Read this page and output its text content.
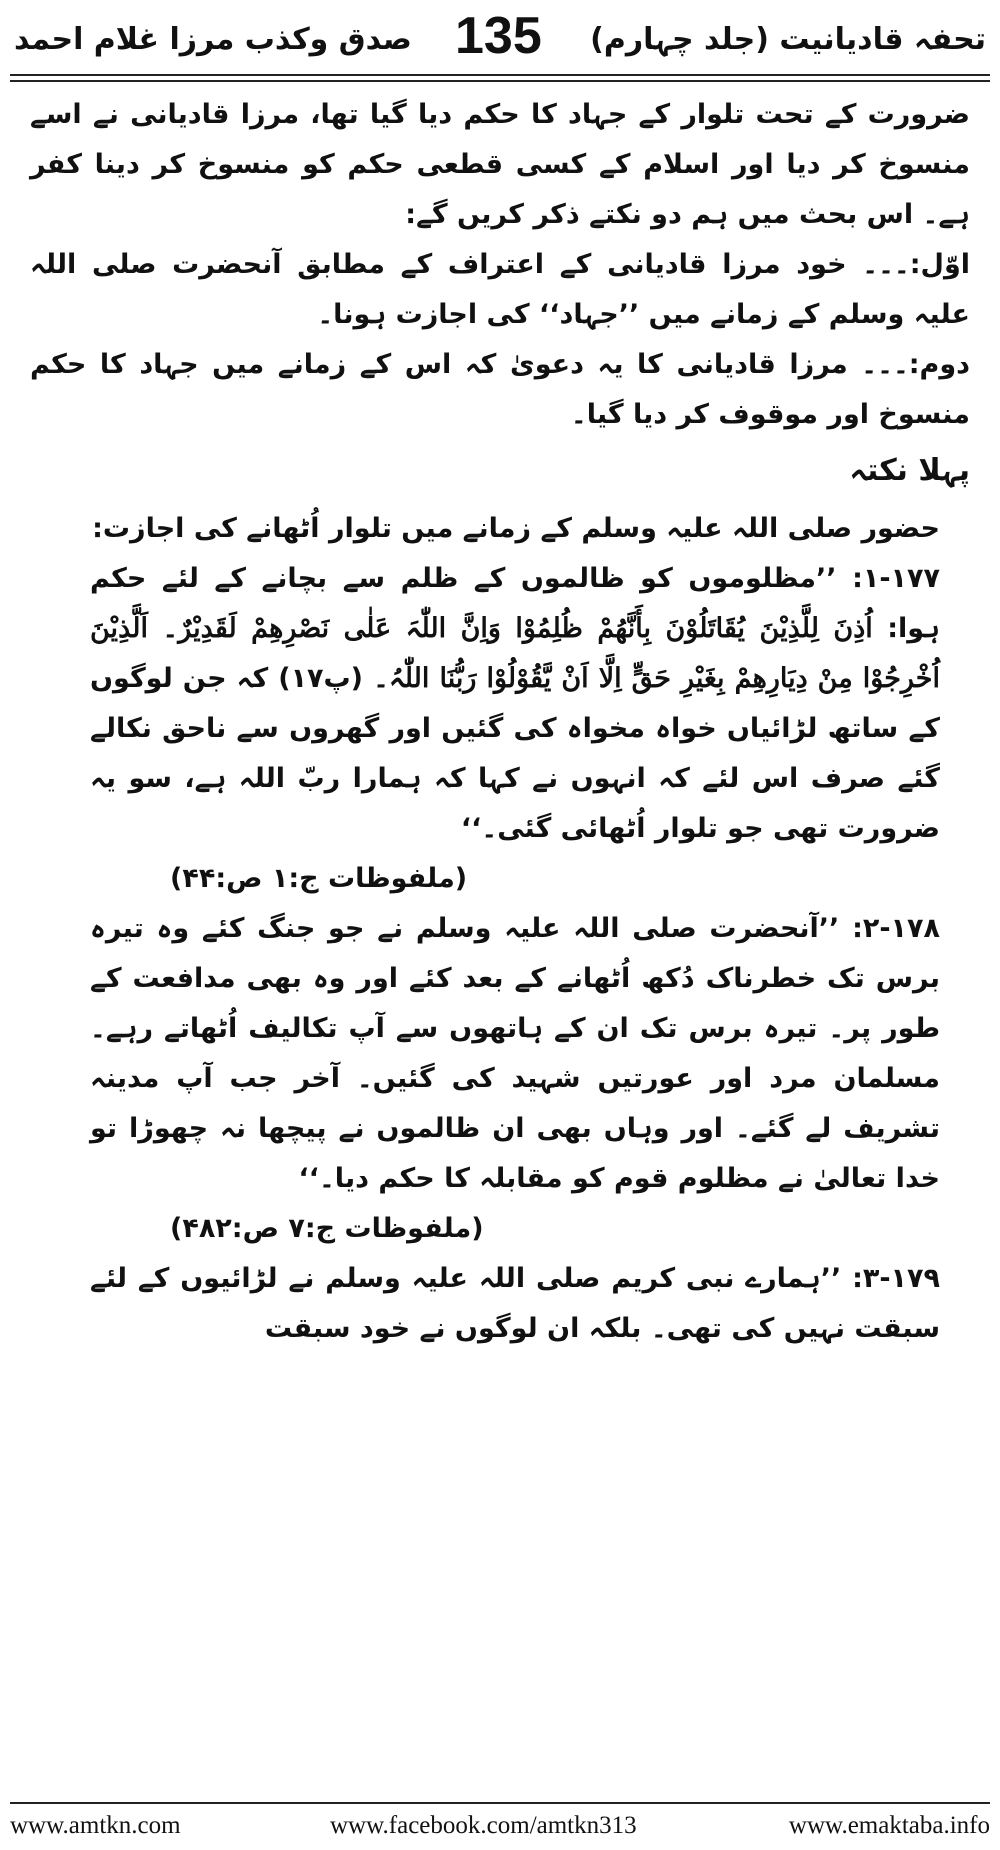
تحفہ قادیانیت (جلد چہارم)
135
صدق وکذب مرزا غلام احمد

ضرورت کے تحت تلوار کے جہاد کا حکم دیا گیا تھا، مرزا قادیانی نے اسے منسوخ کر دیا اور اسلام کے کسی قطعی حکم کو منسوخ کر دینا کفر ہے۔ اس بحث میں ہم دو نکتے ذکر کریں گے:

اوّل:۔۔۔ خود مرزا قادیانی کے اعتراف کے مطابق آنحضرت صلی اللہ علیہ وسلم کے زمانے میں ’’جہاد‘‘ کی اجازت ہونا۔

دوم:۔۔۔ مرزا قادیانی کا یہ دعویٰ کہ اس کے زمانے میں جہاد کا حکم منسوخ اور موقوف کر دیا گیا۔

پہلا نکتہ

حضور صلی اللہ علیہ وسلم کے زمانے میں تلوار اُٹھانے کی اجازت:

۱-۱۷۷: ’’مظلوموں کو ظالموں کے ظلم سے بچانے کے لئے حکم ہوا: اُذِنَ لِلَّذِیْنَ یُقَاتَلُوْنَ بِأَنَّھُمْ ظُلِمُوْا وَاِنَّ اللّٰہَ عَلٰی نَصْرِھِمْ لَقَدِیْرٌ۔ اَلَّذِیْنَ اُخْرِجُوْا مِنْ دِیَارِھِمْ بِغَیْرِ حَقٍّ اِلَّا اَنْ یَّقُوْلُوْا رَبُّنَا اللّٰہُ۔ (پ۱۷) کہ جن لوگوں کے ساتھ لڑائیاں خواہ مخواہ کی گئیں اور گھروں سے ناحق نکالے گئے صرف اس لئے کہ انہوں نے کہا کہ ہمارا ربّ اللہ ہے، سو یہ ضرورت تھی جو تلوار اُٹھائی گئی۔‘‘

(ملفوظات ج:۱ ص:۴۴)

۲-۱۷۸: ’’آنحضرت صلی اللہ علیہ وسلم نے جو جنگ کئے وہ تیرہ برس تک خطرناک دُکھ اُٹھانے کے بعد کئے اور وہ بھی مدافعت کے طور پر۔ تیرہ برس تک ان کے ہاتھوں سے آپ تکالیف اُٹھاتے رہے۔ مسلمان مرد اور عورتیں شہید کی گئیں۔ آخر جب آپ مدینہ تشریف لے گئے۔ اور وہاں بھی ان ظالموں نے پیچھا نہ چھوڑا تو خدا تعالیٰ نے مظلوم قوم کو مقابلہ کا حکم دیا۔‘‘

(ملفوظات ج:۷ ص:۴۸۲)

۳-۱۷۹: ’’ہمارے نبی کریم صلی اللہ علیہ وسلم نے لڑائیوں کے لئے سبقت نہیں کی تھی۔ بلکہ ان لوگوں نے خود سبقت

www.amtkn.com	www.facebook.com/amtkn313	www.emaktaba.info
